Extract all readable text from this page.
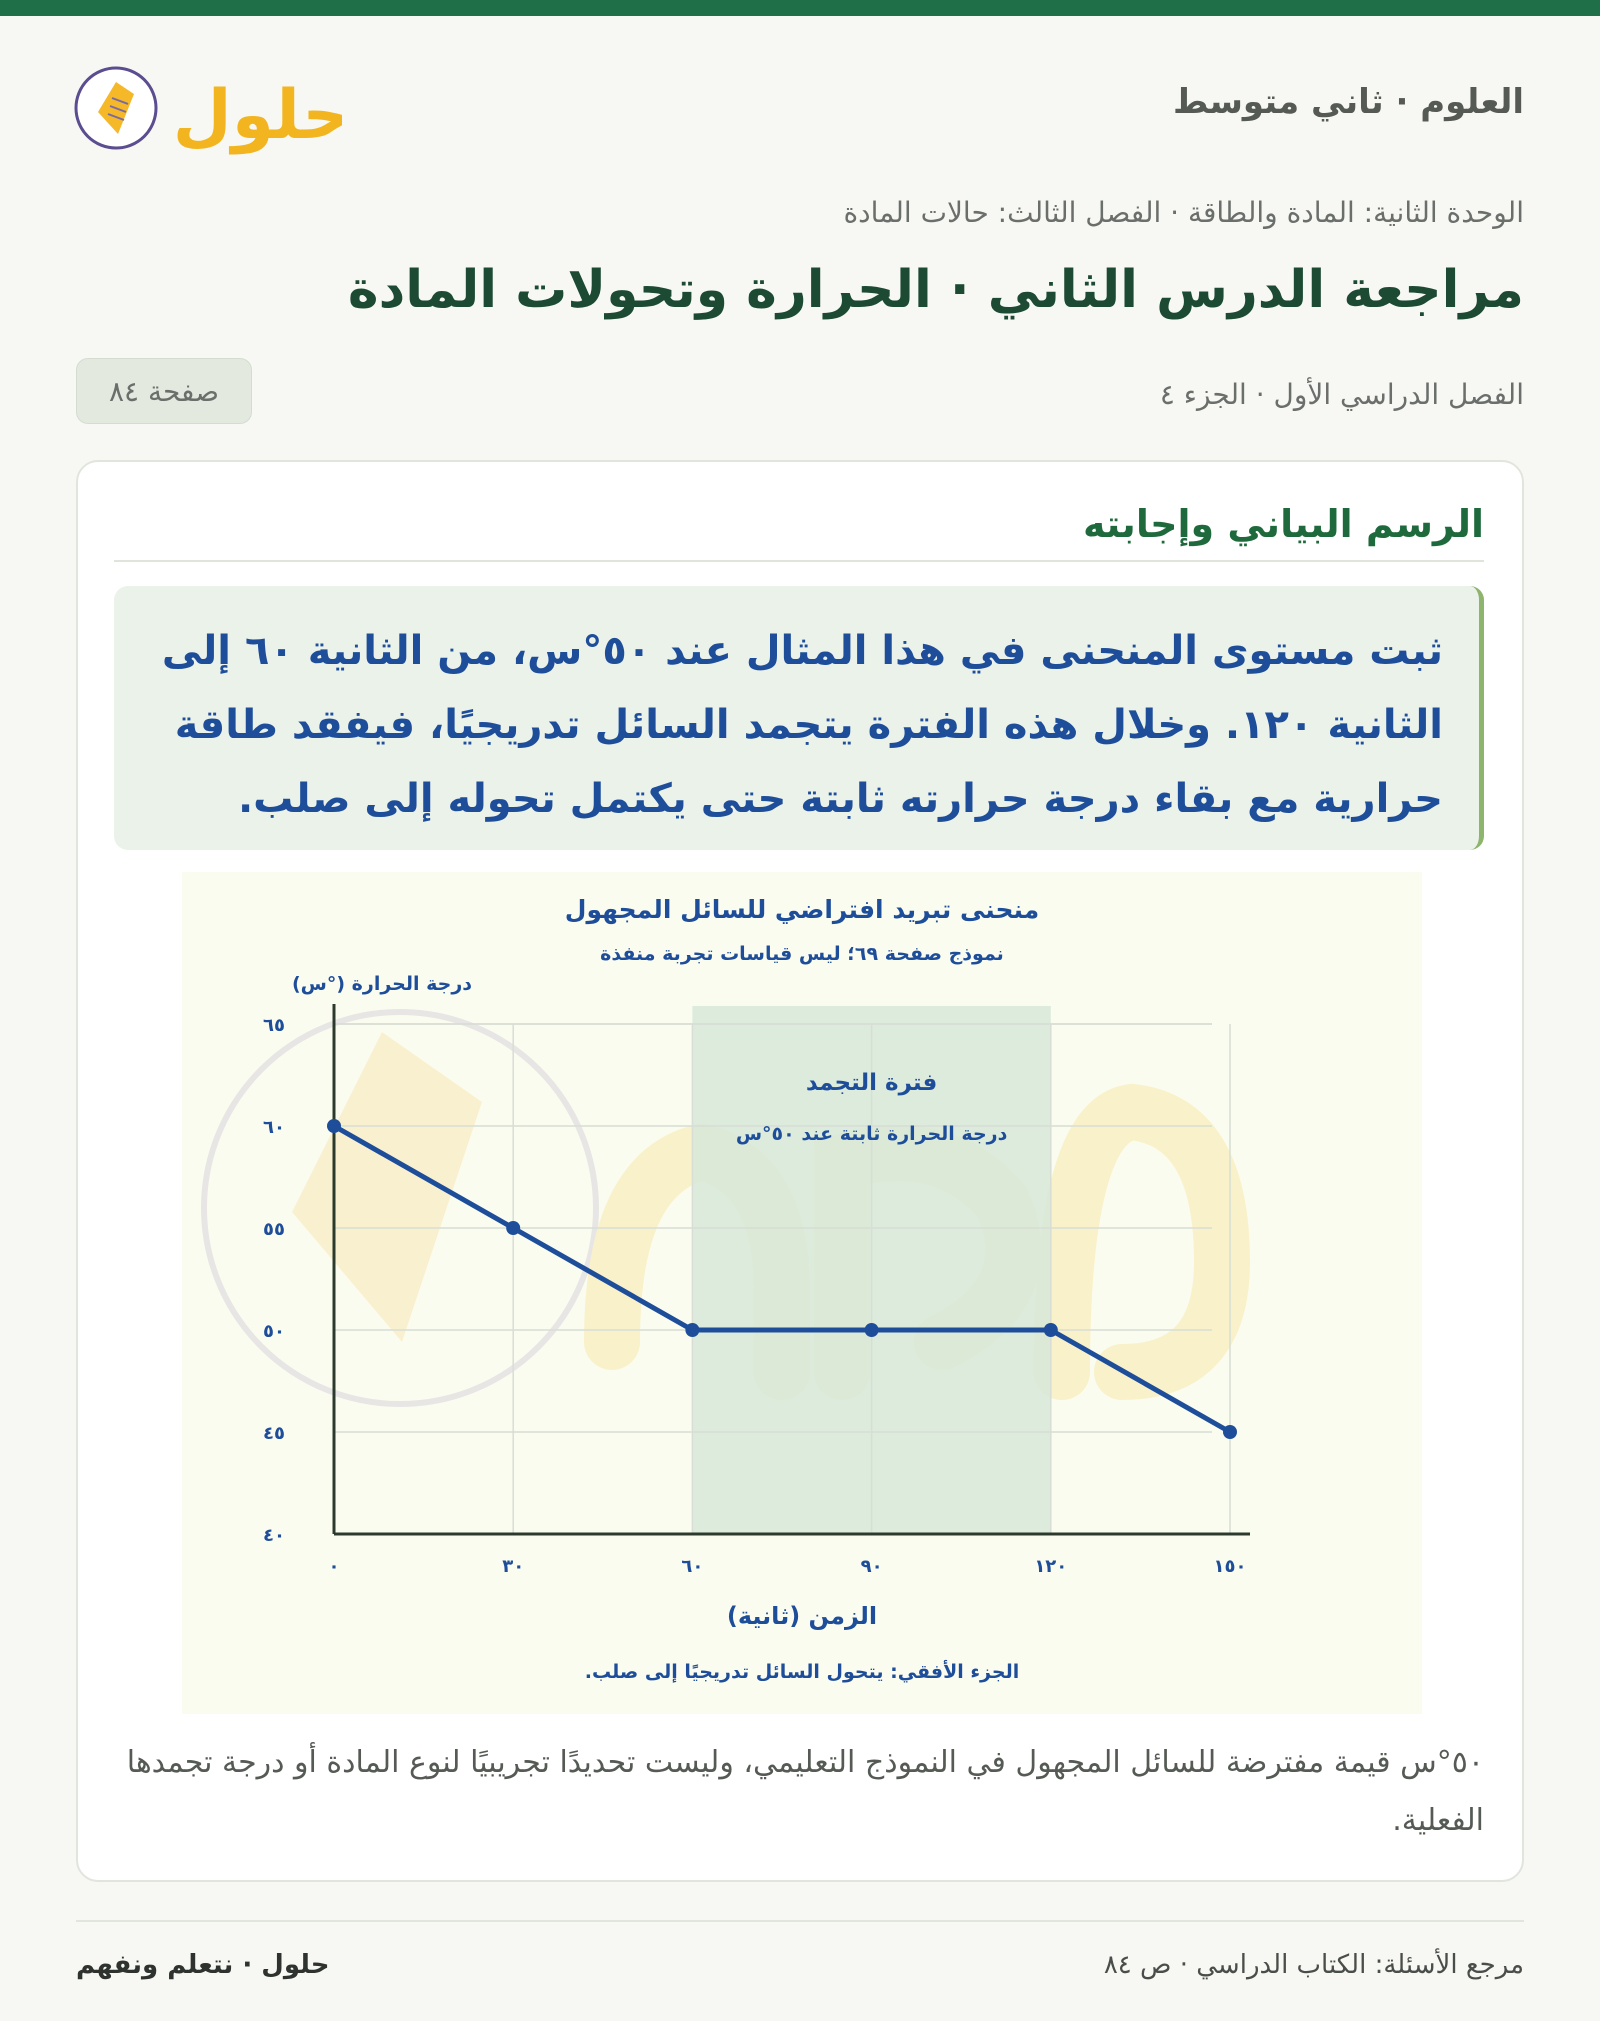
العلوم · ثاني متوسط
حلول
الوحدة الثانية: المادة والطاقة · الفصل الثالث: حالات المادة
مراجعة الدرس الثاني · الحرارة وتحولات المادة
الفصل الدراسي الأول · الجزء ٤
صفحة ٨٤
الرسم البياني وإجابته
ثبت مستوى المنحنى في هذا المثال عند ٥٠°س، من الثانية ٦٠ إلى الثانية ١٢٠. وخلال هذه الفترة يتجمد السائل تدريجيًا، فيفقد طاقة حرارية مع بقاء درجة حرارته ثابتة حتى يكتمل تحوله إلى صلب.
٤٠
٤٥
٥٠
٥٥
٦٠
٦٥
٠	٣٠	٦٠	٩٠	١٢٠	١٥٠
منحنى تبريد افتراضي للسائل المجهول
نموذج صفحة ٦٩؛ ليس قياسات تجربة منفذة
درجة الحرارة (°س)
الزمن (ثانية)
الجزء الأفقي: يتحول السائل تدريجيًا إلى صلب.
فترة التجمد
درجة الحرارة ثابتة عند ٥٠°س
٥٠°س قيمة مفترضة للسائل المجهول في النموذج التعليمي، وليست تحديدًا تجريبيًا لنوع المادة أو درجة تجمدها الفعلية.
مرجع الأسئلة: الكتاب الدراسي · ص ٨٤
حلول · نتعلم ونفهم
